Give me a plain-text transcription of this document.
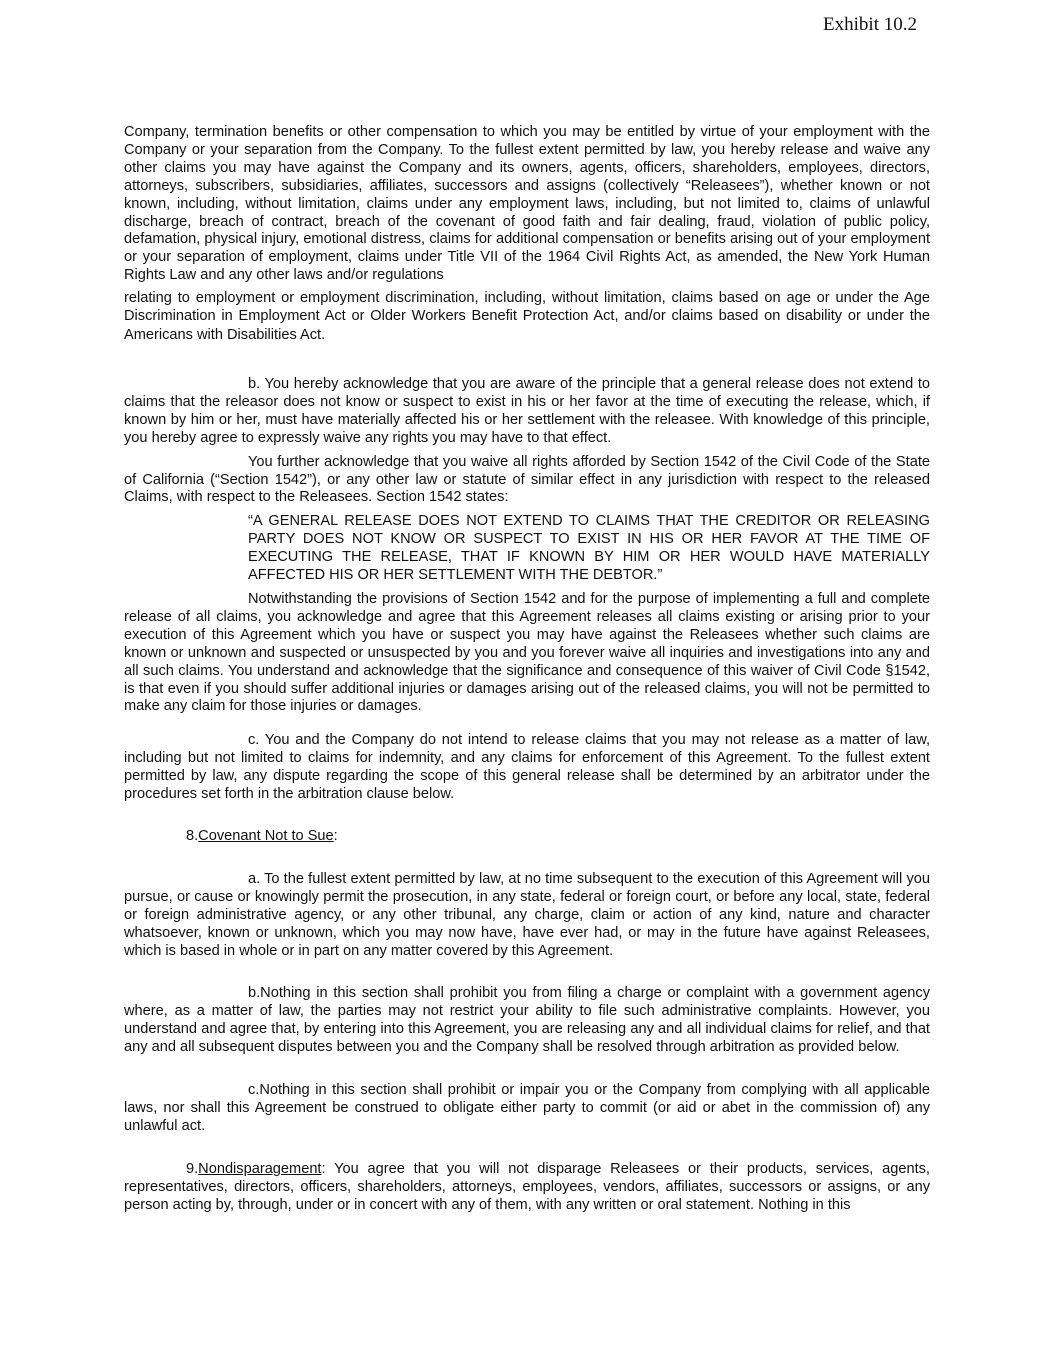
Exhibit 10.2

Company, termination benefits or other compensation to which you may be entitled by virtue of your employment with the Company or your separation from the Company. To the fullest extent permitted by law, you hereby release and waive any other claims you may have against the Company and its owners, agents, officers, shareholders, employees, directors, attorneys, subscribers, subsidiaries, affiliates, successors and assigns (collectively “Releasees”), whether known or not known, including, without limitation, claims under any employment laws, including, but not limited to, claims of unlawful discharge, breach of contract, breach of the covenant of good faith and fair dealing, fraud, violation of public policy, defamation, physical injury, emotional distress, claims for additional compensation or benefits arising out of your employment or your separation of employment, claims under Title VII of the 1964 Civil Rights Act, as amended, the New York Human Rights Law and any other laws and/or regulations
relating to employment or employment discrimination, including, without limitation, claims based on age or under the Age Discrimination in Employment Act or Older Workers Benefit Protection Act, and/or claims based on disability or under the Americans with Disabilities Act.

b. You hereby acknowledge that you are aware of the principle that a general release does not extend to claims that the releasor does not know or suspect to exist in his or her favor at the time of executing the release, which, if known by him or her, must have materially affected his or her settlement with the releasee. With knowledge of this principle, you hereby agree to expressly waive any rights you may have to that effect.

You further acknowledge that you waive all rights afforded by Section 1542 of the Civil Code of the State of California (“Section 1542”), or any other law or statute of similar effect in any jurisdiction with respect to the released Claims, with respect to the Releasees. Section 1542 states:

“A GENERAL RELEASE DOES NOT EXTEND TO CLAIMS THAT THE CREDITOR OR RELEASING PARTY DOES NOT KNOW OR SUSPECT TO EXIST IN HIS OR HER FAVOR AT THE TIME OF EXECUTING THE RELEASE, THAT IF KNOWN BY HIM OR HER WOULD HAVE MATERIALLY AFFECTED HIS OR HER SETTLEMENT WITH THE DEBTOR.”

Notwithstanding the provisions of Section 1542 and for the purpose of implementing a full and complete release of all claims, you acknowledge and agree that this Agreement releases all claims existing or arising prior to your execution of this Agreement which you have or suspect you may have against the Releasees whether such claims are known or unknown and suspected or unsuspected by you and you forever waive all inquiries and investigations into any and all such claims. You understand and acknowledge that the significance and consequence of this waiver of Civil Code §1542, is that even if you should suffer additional injuries or damages arising out of the released claims, you will not be permitted to make any claim for those injuries or damages.

c. You and the Company do not intend to release claims that you may not release as a matter of law, including but not limited to claims for indemnity, and any claims for enforcement of this Agreement. To the fullest extent permitted by law, any dispute regarding the scope of this general release shall be determined by an arbitrator under the procedures set forth in the arbitration clause below.

8.Covenant Not to Sue:

a. To the fullest extent permitted by law, at no time subsequent to the execution of this Agreement will you pursue, or cause or knowingly permit the prosecution, in any state, federal or foreign court, or before any local, state, federal or foreign administrative agency, or any other tribunal, any charge, claim or action of any kind, nature and character whatsoever, known or unknown, which you may now have, have ever had, or may in the future have against Releasees, which is based in whole or in part on any matter covered by this Agreement.

b.Nothing in this section shall prohibit you from filing a charge or complaint with a government agency where, as a matter of law, the parties may not restrict your ability to file such administrative complaints. However, you understand and agree that, by entering into this Agreement, you are releasing any and all individual claims for relief, and that any and all subsequent disputes between you and the Company shall be resolved through arbitration as provided below.

c.Nothing in this section shall prohibit or impair you or the Company from complying with all applicable laws, nor shall this Agreement be construed to obligate either party to commit (or aid or abet in the commission of) any unlawful act.

9.Nondisparagement: You agree that you will not disparage Releasees or their products, services, agents, representatives, directors, officers, shareholders, attorneys, employees, vendors, affiliates, successors or assigns, or any person acting by, through, under or in concert with any of them, with any written or oral statement. Nothing in this
